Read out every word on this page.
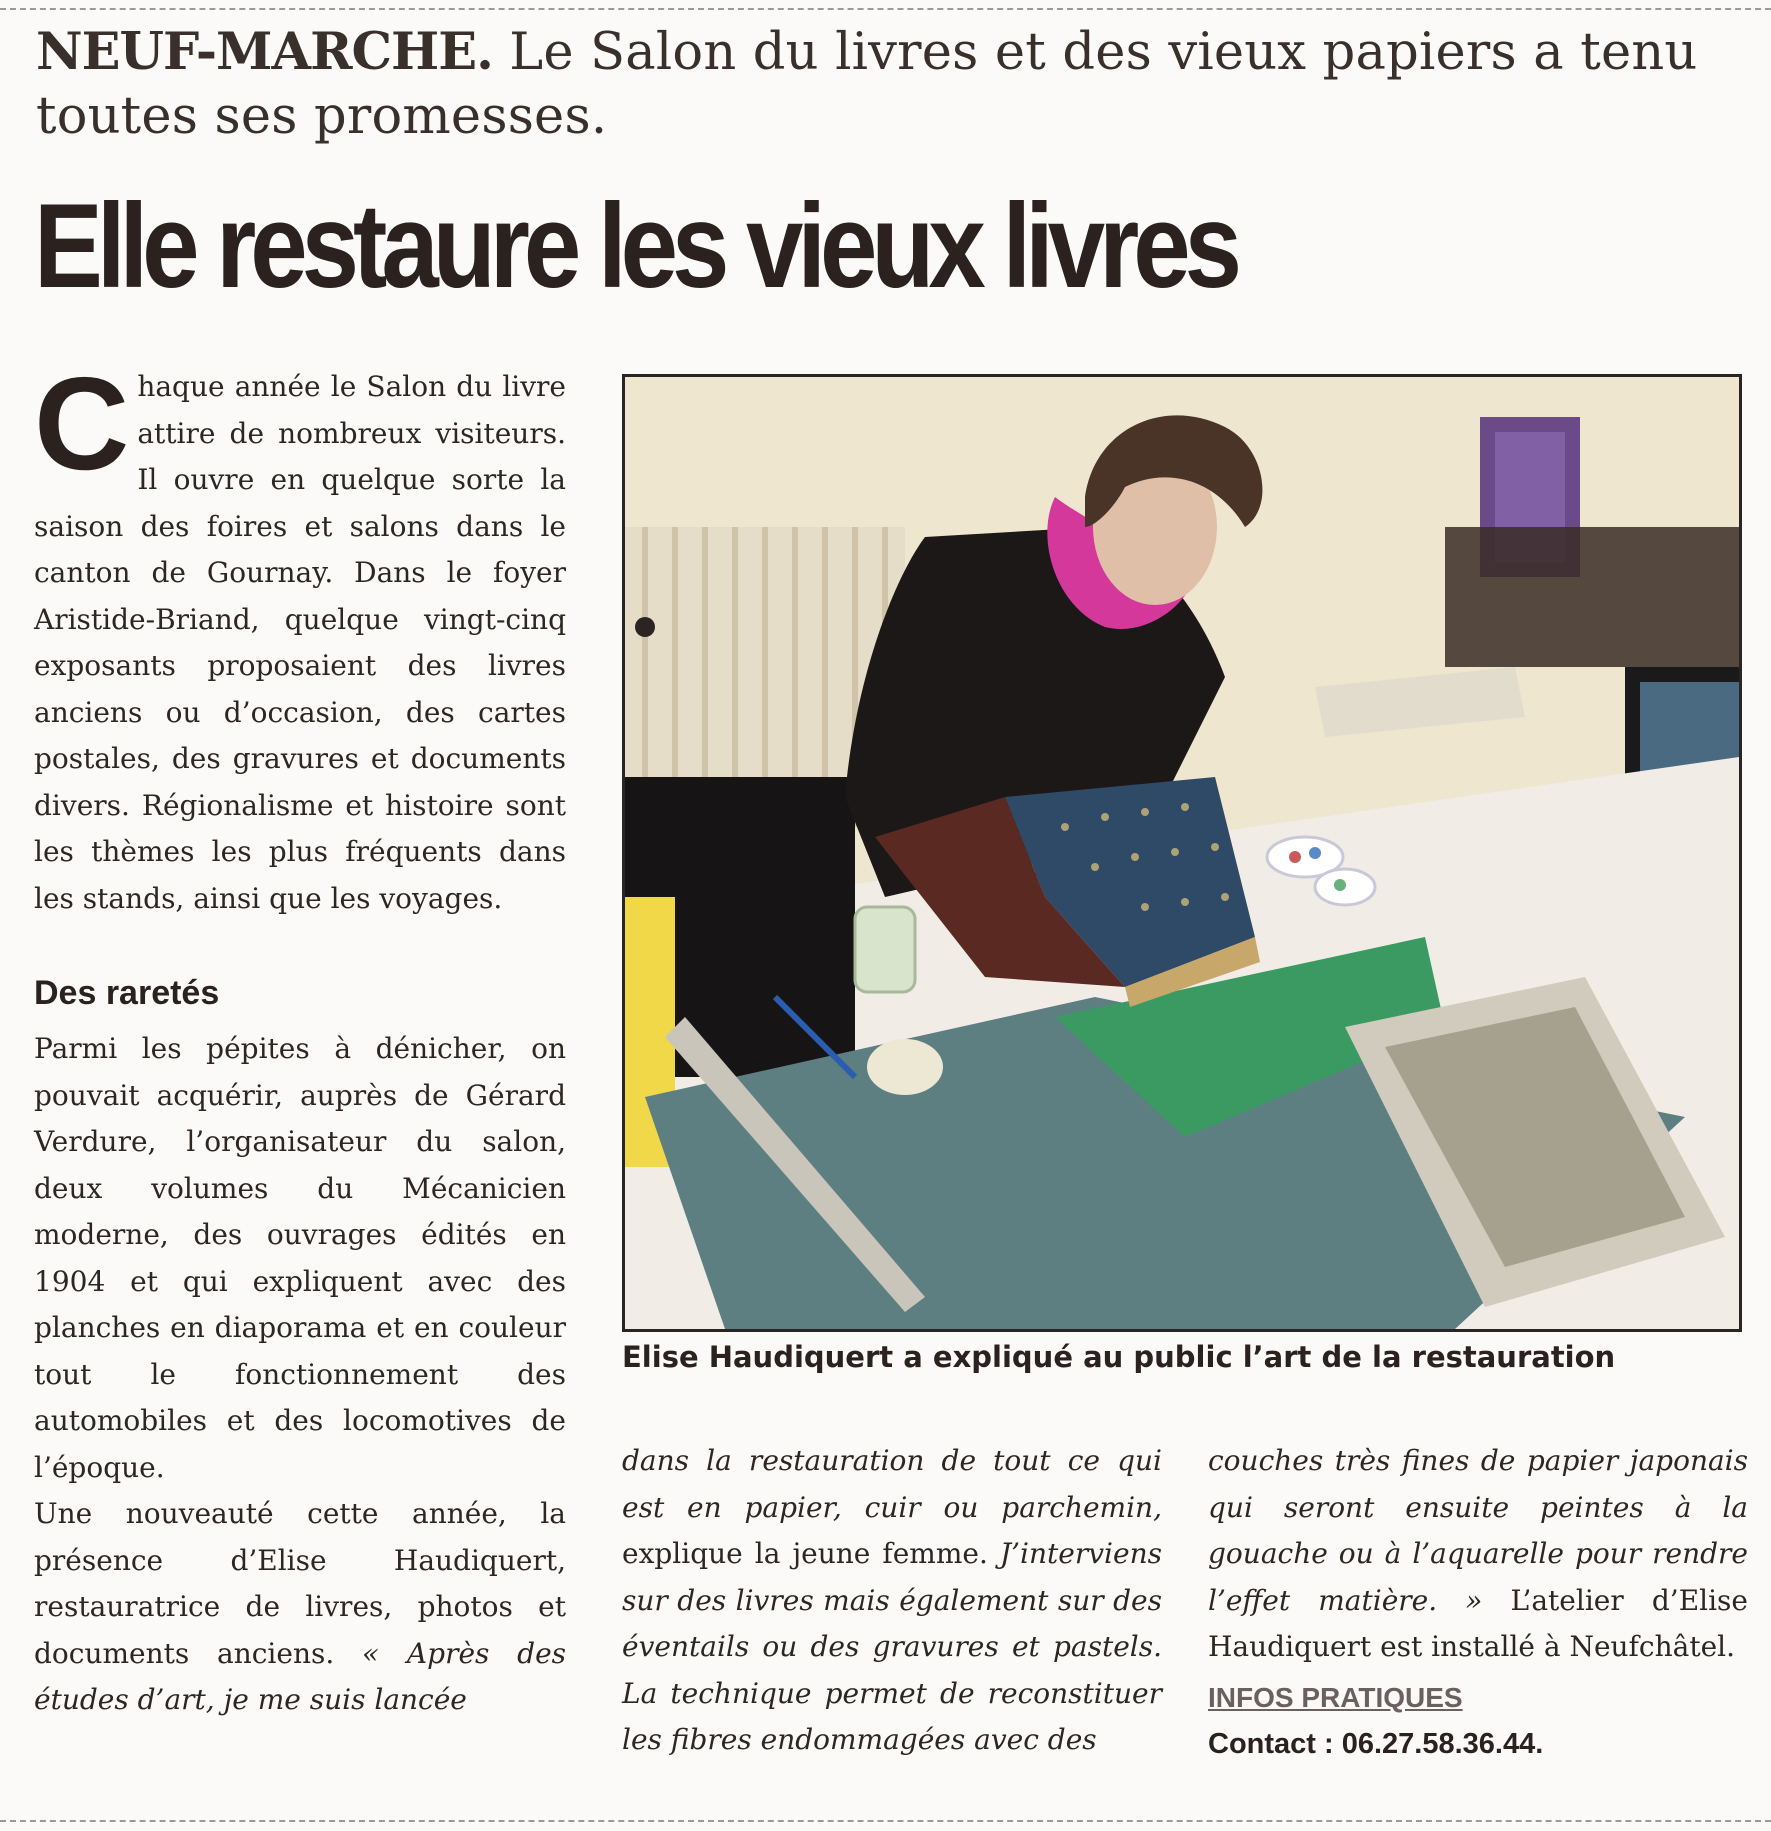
NEUF-MARCHE. Le Salon du livres et des vieux papiers a tenu toutes ses promesses.
Elle restaure les vieux livres

Chaque année le Salon du livre attire de nombreux visiteurs. Il ouvre en quelque sorte la saison des foires et salons dans le canton de Gournay. Dans le foyer Aristide-Briand, quelque vingt-cinq exposants proposaient des livres anciens ou d’occasion, des cartes postales, des gravures et documents divers. Régionalisme et histoire sont les thèmes les plus fréquents dans les stands, ainsi que les voyages.

Des raretés

Parmi les pépites à dénicher, on pouvait acquérir, auprès de Gérard Verdure, l’organisateur du salon, deux volumes du Mécanicien moderne, des ouvrages édités en 1904 et qui expliquent avec des planches en diaporama et en couleur tout le fonctionnement des automobiles et des locomotives de l’époque.

Une nouveauté cette année, la présence d’Elise Haudiquert, restauratrice de livres, photos et documents anciens. « Après des études d’art, je me suis lancée

Elise Haudiquert a expliqué au public l’art de la restauration

dans la restauration de tout ce qui est en papier, cuir ou parchemin, explique la jeune femme. J’interviens sur des livres mais également sur des éventails ou des gravures et pastels. La technique permet de reconstituer les fibres endommagées avec des

couches très fines de papier japonais qui seront ensuite peintes à la gouache ou à l’aquarelle pour rendre l’effet matière. » L’atelier d’Elise Haudiquert est installé à Neufchâtel.

INFOS PRATIQUES
Contact : 06.27.58.36.44.
